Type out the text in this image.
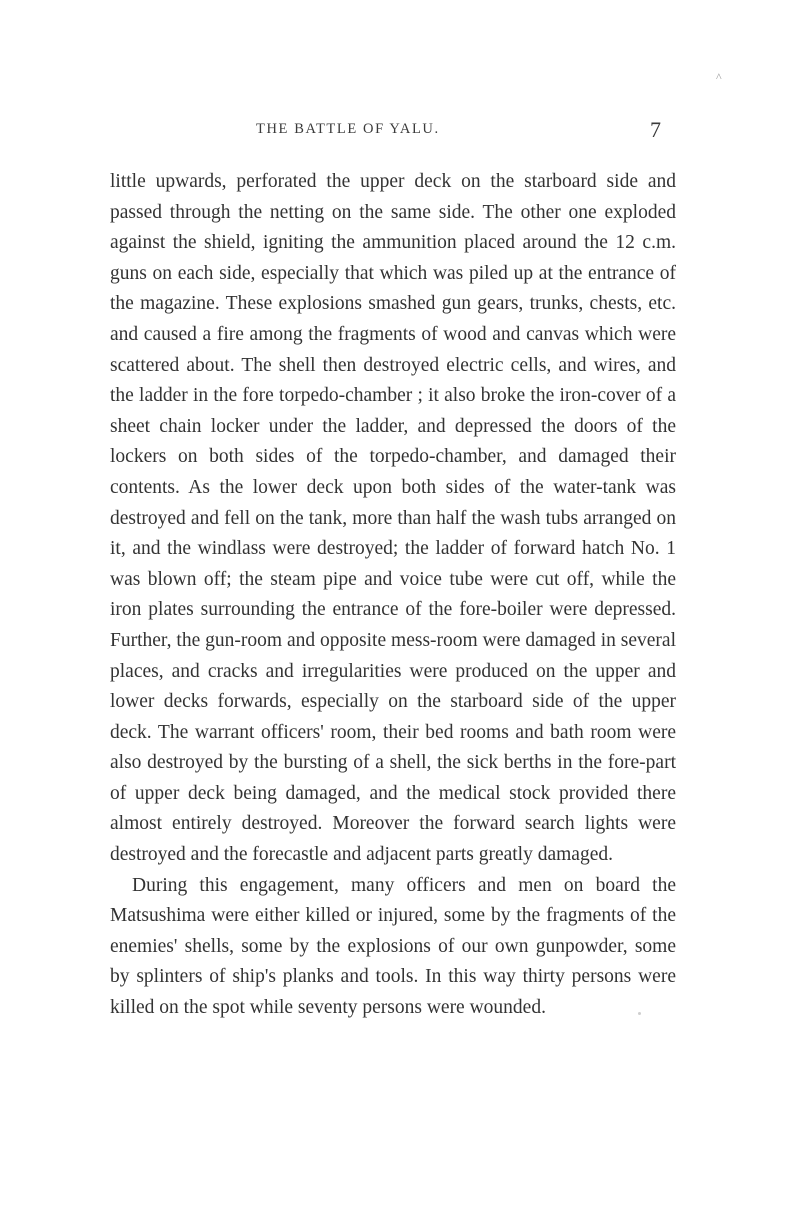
^
THE BATTLE OF YALU.	7

little upwards, perforated the upper deck on the starboard side and passed through the netting on the same side. The other one exploded against the shield, igniting the ammunition placed around the 12 c.m. guns on each side, especially that which was piled up at the entrance of the magazine. These explosions smashed gun gears, trunks, chests, etc. and caused a fire among the fragments of wood and canvas which were scattered about. The shell then destroyed electric cells, and wires, and the ladder in the fore torpedo-chamber ; it also broke the iron-cover of a sheet chain locker under the ladder, and depressed the doors of the lockers on both sides of the torpedo-chamber, and damaged their contents. As the lower deck upon both sides of the water-tank was destroyed and fell on the tank, more than half the wash tubs arranged on it, and the windlass were destroyed; the ladder of forward hatch No. 1 was blown off; the steam pipe and voice tube were cut off, while the iron plates surrounding the entrance of the fore-boiler were depressed. Further, the gun-room and opposite mess-room were damaged in several places, and cracks and irregularities were produced on the upper and lower decks forwards, especially on the starboard side of the upper deck. The warrant officers' room, their bed rooms and bath room were also destroyed by the bursting of a shell, the sick berths in the fore-part of upper deck being damaged, and the medical stock provided there almost entirely destroyed. Moreover the forward search lights were destroyed and the forecastle and adjacent parts greatly damaged.

During this engagement, many officers and men on board the Matsushima were either killed or injured, some by the fragments of the enemies' shells, some by the explosions of our own gunpowder, some by splinters of ship's planks and tools. In this way thirty persons were killed on the spot while seventy persons were wounded.
